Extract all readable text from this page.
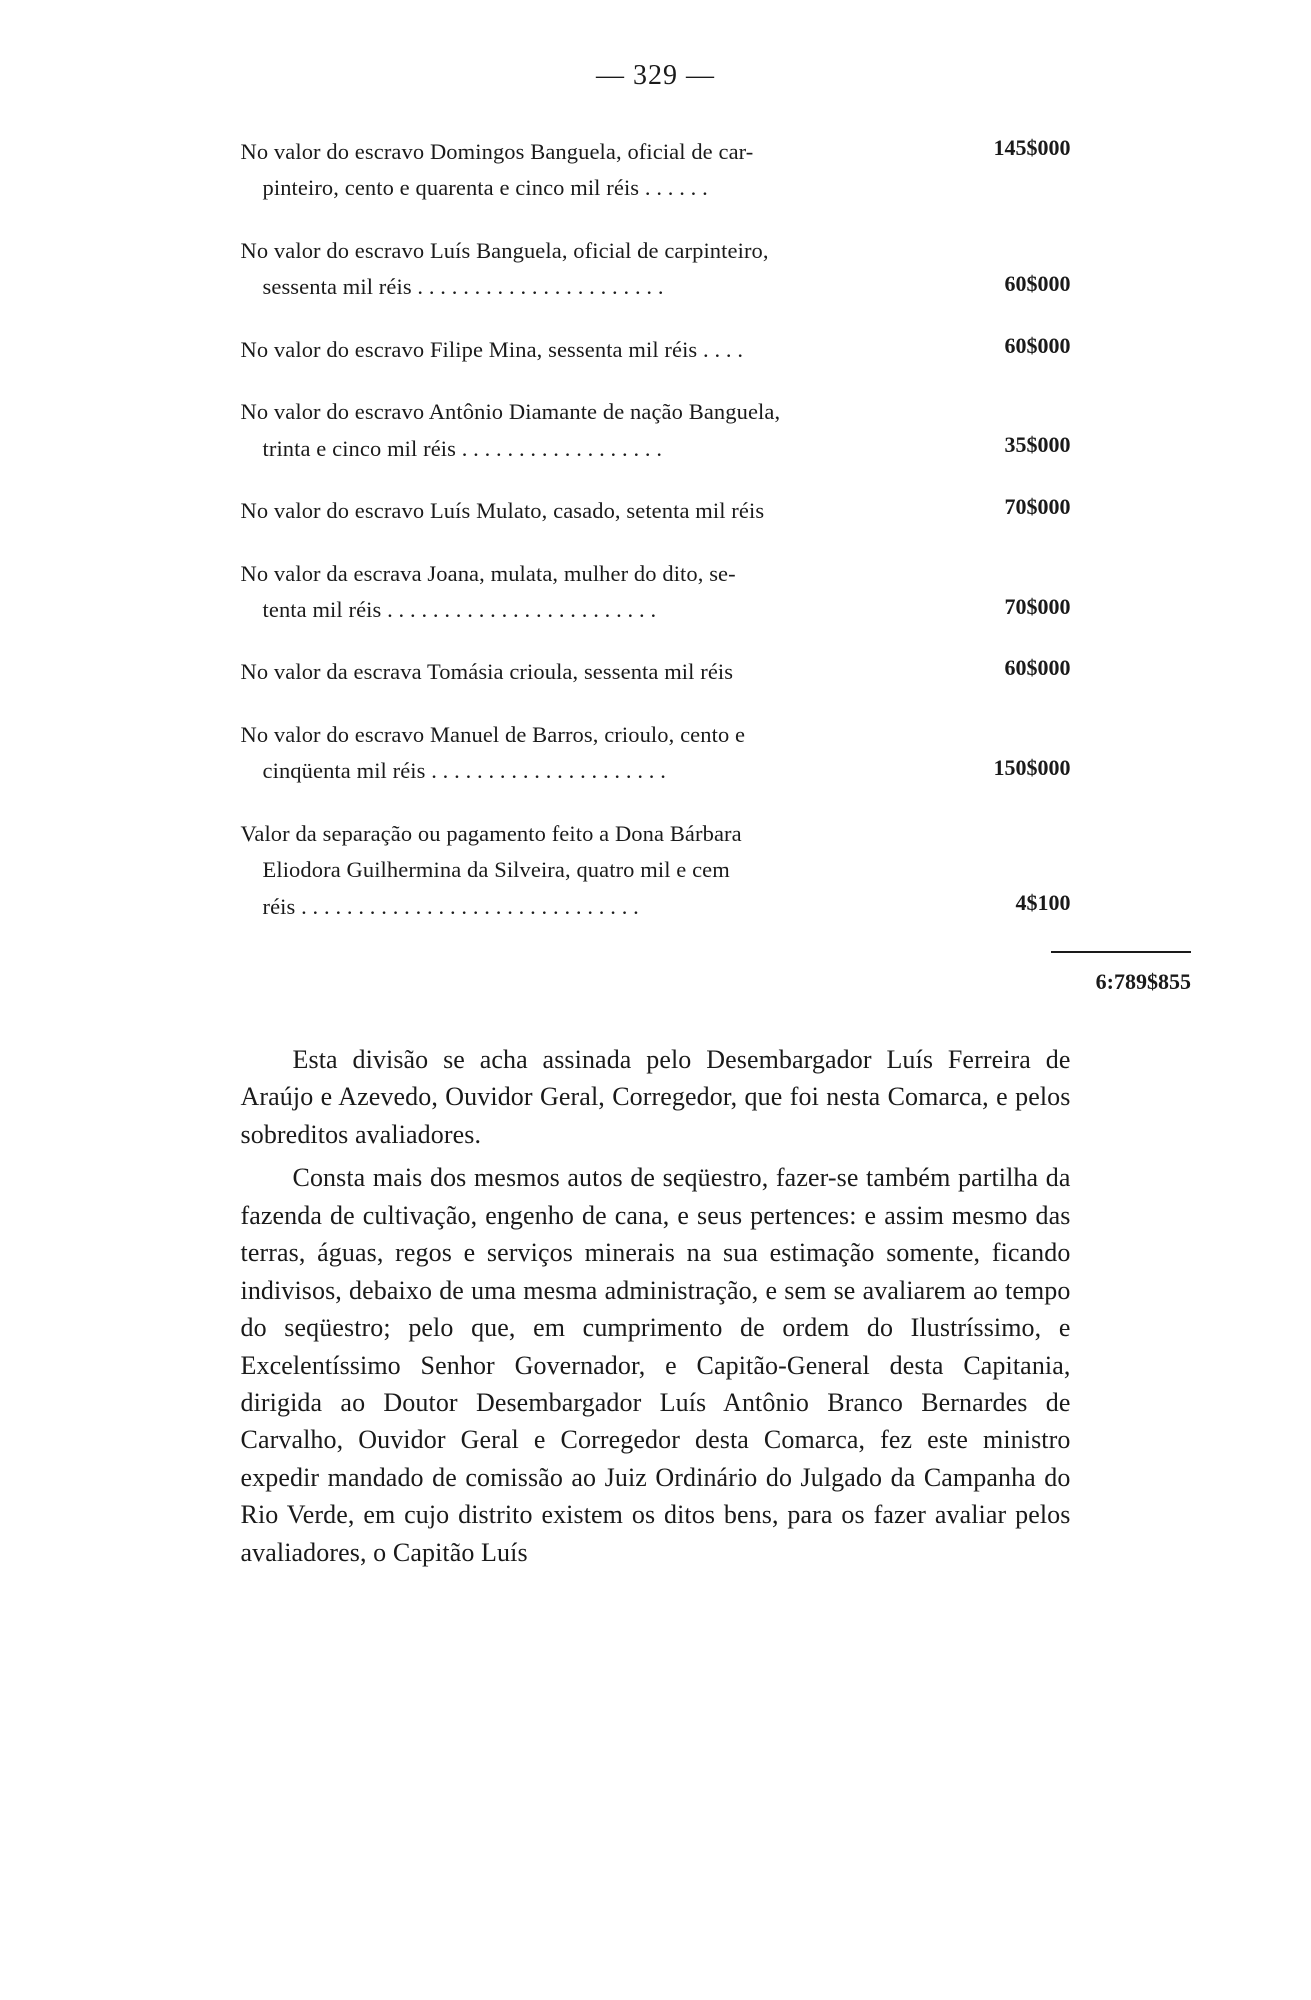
— 329 —
No valor do escravo Domingos Banguela, oficial de car-
pinteiro, cento e quarenta e cinco mil réis . . . . . .
145$000
No valor do escravo Luís Banguela, oficial de carpinteiro,
sessenta mil réis . . . . . . . . . . . . . . . . . . . . . .	60$000
No valor do escravo Filipe Mina, sessenta mil réis . . . .	60$000
No valor do escravo Antônio Diamante de nação Banguela,
trinta e cinco mil réis . . . . . . . . . . . . . . . . . .	35$000
No valor do escravo Luís Mulato, casado, setenta mil réis	70$000
No valor da escrava Joana, mulata, mulher do dito, se-
tenta mil réis . . . . . . . . . . . . . . . . . . . . . . . .	70$000
No valor da escrava Tomásia crioula, sessenta mil réis	60$000
No valor do escravo Manuel de Barros, crioulo, cento e
cinqüenta mil réis . . . . . . . . . . . . . . . . . . . . .	150$000
Valor da separação ou pagamento feito a Dona Bárbara
Eliodora Guilhermina da Silveira, quatro mil e cem
réis . . . . . . . . . . . . . . . . . . . . . . . . . . . . . .	4$100
6:789$855

Esta divisão se acha assinada pelo Desembargador Luís Ferreira de Araújo e Azevedo, Ouvidor Geral, Corregedor, que foi nesta Comarca, e pelos sobreditos avaliadores.

Consta mais dos mesmos autos de seqüestro, fazer-se também partilha da fazenda de cultivação, engenho de cana, e seus pertences: e assim mesmo das terras, águas, regos e serviços minerais na sua estimação somente, ficando indivisos, debaixo de uma mesma administração, e sem se avaliarem ao tempo do seqüestro; pelo que, em cumprimento de ordem do Ilustríssimo, e Excelentíssimo Senhor Governador, e Capitão-General desta Capitania, dirigida ao Doutor Desembargador Luís Antônio Branco Bernardes de Carvalho, Ouvidor Geral e Corregedor desta Comarca, fez este ministro expedir mandado de comissão ao Juiz Ordinário do Julgado da Campanha do Rio Verde, em cujo distrito existem os ditos bens, para os fazer avaliar pelos avaliadores, o Capitão Luís
